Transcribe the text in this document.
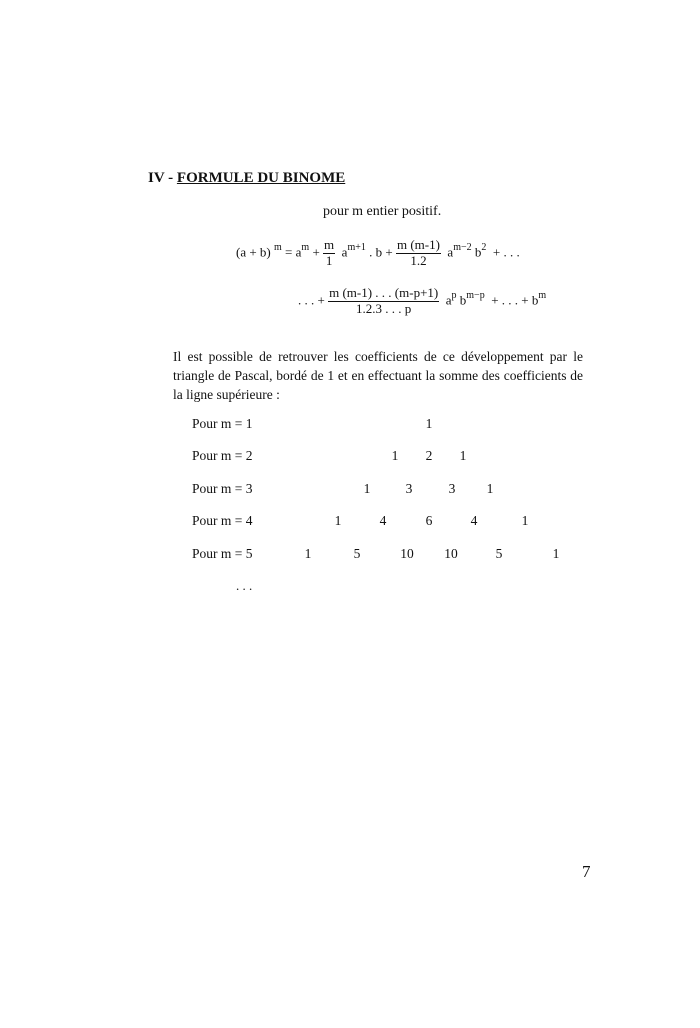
IV - FORMULE DU BINOME
pour m entier positif.
(a + b) $^m = a^m + \frac{m}{1} a^{m+1}$ . $b + \frac{m (m-1)}{1.2} a^{m-2}$ $b^2$ + . . .
. . . + $\frac{m (m-1) . . . (m-p+1)}{1.2.3 . . . p} a^p$ $b^{m-p}$ + . . . + $b^m$
Il est possible de retrouver les coefficients de ce développement par le triangle de Pascal, bordé de 1 et en effectuant la somme des coefficients de la ligne supérieure :
Pour m = 1	1
Pour m = 2	1	2	1
Pour m = 3	1	3	3	1
Pour m = 4	1	4	6	4	1
Pour m = 5	1	5	10	10	5	1
. . .
7
